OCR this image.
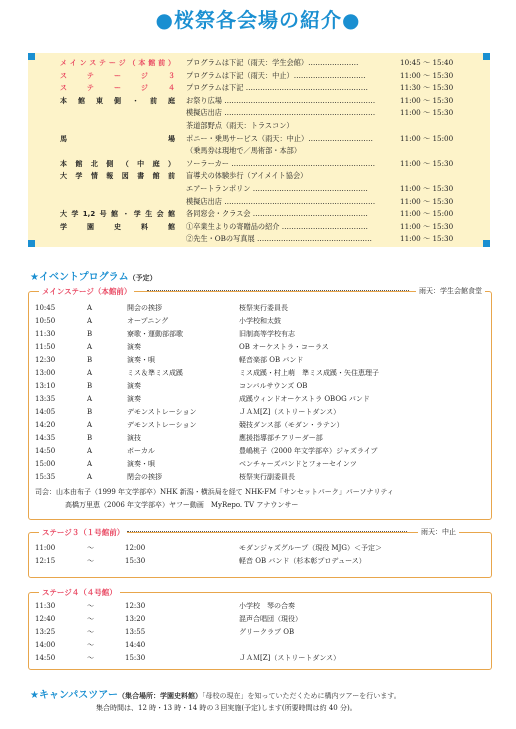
●桜祭各会場の紹介●
メインステージ（本館前） プログラムは下記（雨天：学生会館）…………………	10:45 ～ 15:40
ステージ３ プログラムは下記（雨天：中止）…………………………	11:00 ～ 15:30
ステージ４ プログラムは下記 ……………………………………………	11:30 ～ 15:30
本館東側・前庭 お祭り広場 ………………………………………………………	11:00 ～ 15:30
模擬店出店 ………………………………………………………	11:00 ～ 15:30
茶道部野点（雨天：トラスコン）
馬場 ポニー・乗馬サービス（雨天：中止）………………………	11:00 ～ 15:00
（乗馬券は現地で／馬術部・本部）
本館北側（中庭） ソーラーカー ……………………………………………………	11:00 ～ 15:30
大学情報図書館前 盲導犬の体験歩行（アイメイト協会）
エアートランポリン …………………………………………	11:00 ～ 15:30
模擬店出店 ………………………………………………………	11:00 ～ 15:30
大学1,2号館・学生会館 各同窓会・クラス会 …………………………………………	11:00 ～ 15:00
学園史料館 ①卒業生よりの寄贈品の紹介 ………………………………	11:00 ～ 15:30
②先生・OBの写真展 …………………………………………	11:00 ～ 15:30
★イベントプログラム（予定）
メインステージ（本館前）	雨天：学生会館食堂
司会：山本由布子（1999 年文学部卒）NHK 新潟・横浜局を経て NHK-FM「サンセットパーク」パーソナリティ
高橋万里恵（2006 年文学部卒）ヤフー動画　MyRepo. TV アナウンサー
10:45	A	開会の挨拶	桜祭実行委員長
10:50	A	オープニング	小学校和太鼓
11:30	B	寮歌・運動部部歌	旧制高等学校有志
11:50	A	演奏	OB オーケストラ・コーラス
12:30	B	演奏・唄	軽音楽部 OB バンド
13:00	A	ミス＆準ミス成蹊	ミス成蹊・村上萌　準ミス成蹊・矢住恵理子
13:10	B	演奏	コンバルサウンズ OB
13:35	A	演奏	成蹊ウィンドオーケストラ OBOG バンド
14:05	B	デモンストレーション	ＪＡＭ[Z]（ストリートダンス）
14:20	A	デモンストレーション	競技ダンス部（モダン・ラテン）
14:35	B	演技	應援指導部チアリーダー部
14:50	A	ボーカル	豊嶋桃子（2000 年文学部卒）ジャズライブ
15:00	A	演奏・唄	ベンチャーズバンドとフォーセインツ
15:35	A	閉会の挨拶	桜祭実行副委員長
ステージ３（１号館前）	雨天：中止
11:00	～	12:00	モダンジャズグループ（現役 MJG）＜予定＞
12:15	～	15:30	軽音 OB バンド（杉本彰プロデュース）
ステージ４（４号館）
11:30	～	12:30	小学校　琴の合奏
12:40	～	13:20	混声合唱団（現役）
13:25	～	13:55	グリークラブ OB
14:00	～	14:40
14:50	～	15:30	ＪＡＭ[Z]（ストリートダンス）
★キャンパスツアー（集合場所：学園史料館）「母校の現在」を知っていただくために構内ツアーを行います。
集合時間は、12 時・13 時・14 時の３回実施(予定)します(所要時間は約 40 分)。
